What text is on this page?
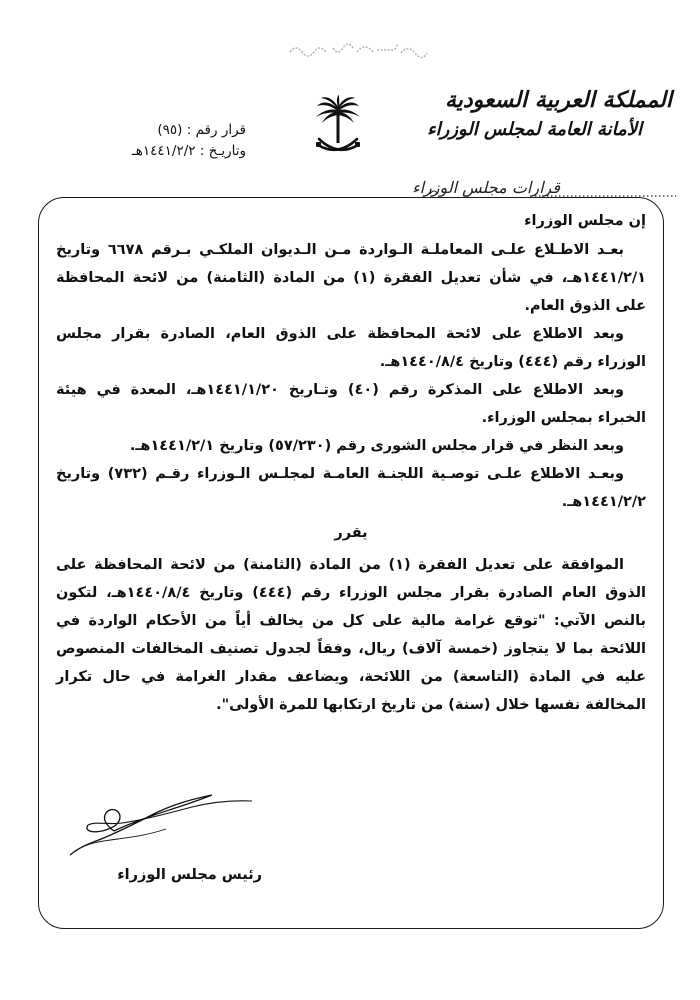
المملكة العربية السعودية
الأمانة العامة لمجلس الوزراء
قرار رقم : (٩٥)
وتاريـخ : ١٤٤١/٢/٢هـ
قرارات مجلس الوزراء

إن مجلس الوزراء

بعـد الاطـلاع علـى المعاملـة الـواردة مـن الـديوان الملكـي بـرقم ٦٦٧٨ وتاريخ ١٤٤١/٢/١هـ، في شأن تعديل الفقرة (١) من المادة (الثامنة) من لائحة المحافظة على الذوق العام.

وبعد الاطلاع على لائحة المحافظة على الذوق العام، الصادرة بقرار مجلس الوزراء رقم (٤٤٤) وتاريخ ١٤٤٠/٨/٤هـ.

وبعد الاطلاع على المذكرة رقم (٤٠) وتـاريخ ١٤٤١/١/٢٠هـ، المعدة في هيئة الخبراء بمجلس الوزراء.

وبعد النظر في قرار مجلس الشورى رقم (٥٧/٢٣٠) وتاريخ ١٤٤١/٢/١هـ.

وبعـد الاطلاع علـى توصـية اللجنـة العامـة لمجلـس الـوزراء رقـم (٧٣٢) وتاريخ ١٤٤١/٢/٢هـ.

يقرر

الموافقة على تعديل الفقرة (١) من المادة (الثامنة) من لائحة المحافظة على الذوق العام الصادرة بقرار مجلس الوزراء رقم (٤٤٤) وتاريخ ١٤٤٠/٨/٤هـ، لتكون بالنص الآتي: "توقع غرامة مالية على كل من يخالف أياً من الأحكام الواردة في اللائحة بما لا يتجاوز (خمسة آلاف) ريال، وفقاً لجدول تصنيف المخالفات المنصوص عليه في المادة (التاسعة) من اللائحة، ويضاعف مقدار الغرامة في حال تكرار المخالفة نفسها خلال (سنة) من تاريخ ارتكابها للمرة الأولى".

رئيس مجلس الوزراء
